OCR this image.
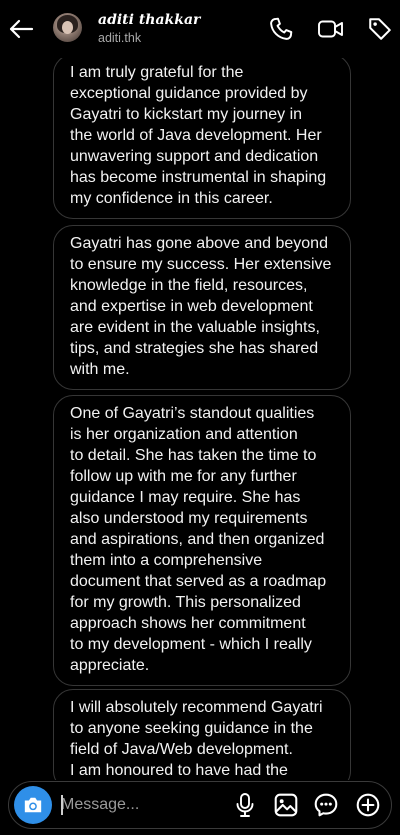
aditi thakkar
aditi.thk
I am truly grateful for the
exceptional guidance provided by
Gayatri to kickstart my journey in
the world of Java development. Her
unwavering support and dedication
has become instrumental in shaping
my confidence in this career.
Gayatri has gone above and beyond
to ensure my success. Her extensive
knowledge in the field, resources,
and expertise in web development
are evident in the valuable insights,
tips, and strategies she has shared
with me.
One of Gayatri’s standout qualities
is her organization and attention
to detail. She has taken the time to
follow up with me for any further
guidance I may require. She has
also understood my requirements
and aspirations, and then organized
them into a comprehensive
document that served as a roadmap
for my growth. This personalized
approach shows her commitment
to my development - which I really
appreciate.
I will absolutely recommend Gayatri
to anyone seeking guidance in the
field of Java/Web development.
I am honoured to have had the
Message...
